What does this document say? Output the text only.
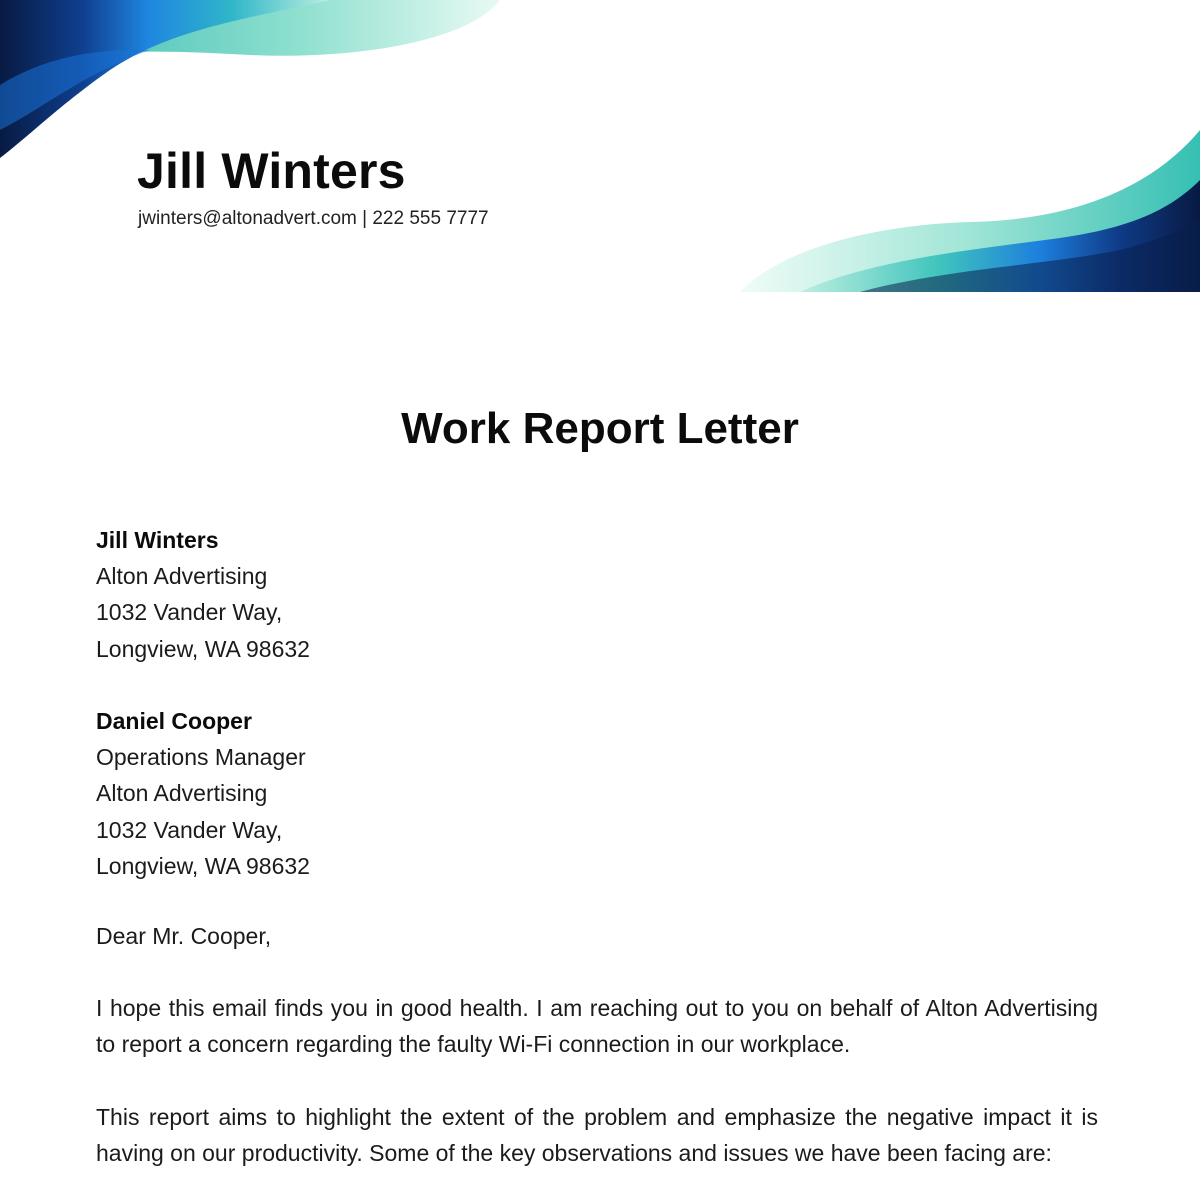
Jill Winters

jwinters@altonadvert.com | 222 555 7777

Work Report Letter
Jill Winters
Alton Advertising
1032 Vander Way,
Longview, WA 98632
Daniel Cooper
Operations Manager
Alton Advertising
1032 Vander Way,
Longview, WA 98632
Dear Mr. Cooper,

I hope this email finds you in good health. I am reaching out to you on behalf of Alton Advertising to report a concern regarding the faulty Wi-Fi connection in our workplace.

This report aims to highlight the extent of the problem and emphasize the negative impact it is having on our productivity. Some of the key observations and issues we have been facing are:
